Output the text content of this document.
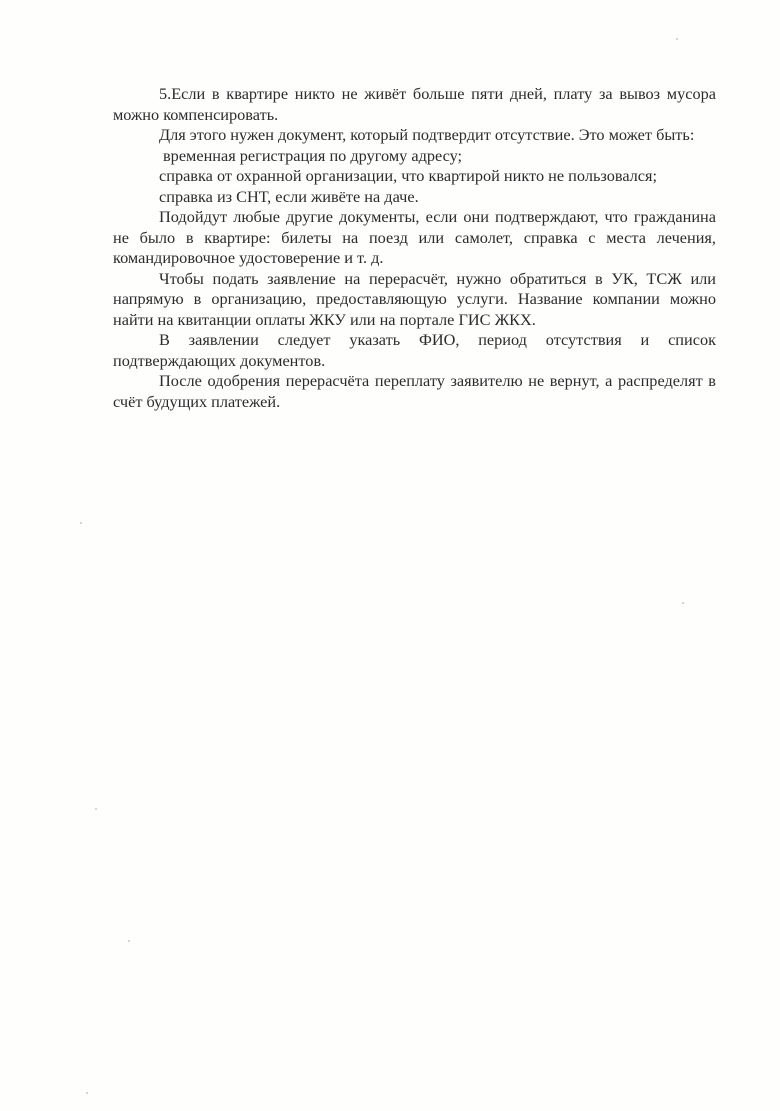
5.Если в квартире никто не живёт больше пяти дней, плату за вывоз мусора можно компенсировать.

Для этого нужен документ, который подтвердит отсутствие. Это может быть:

временная регистрация по другому адресу;

справка от охранной организации, что квартирой никто не пользовался;

справка из СНТ, если живёте на даче.

Подойдут любые другие документы, если они подтверждают, что гражданина не было в квартире: билеты на поезд или самолет, справка с места лечения, командировочное удостоверение и т. д.

Чтобы подать заявление на перерасчёт, нужно обратиться в УК, ТСЖ или напрямую в организацию, предоставляющую услуги. Название компании можно найти на квитанции оплаты ЖКУ или на портале ГИС ЖКХ.

В заявлении следует указать ФИО, период отсутствия и список подтверждающих документов.

После одобрения перерасчёта переплату заявителю не вернут, а распределят в счёт будущих платежей.
